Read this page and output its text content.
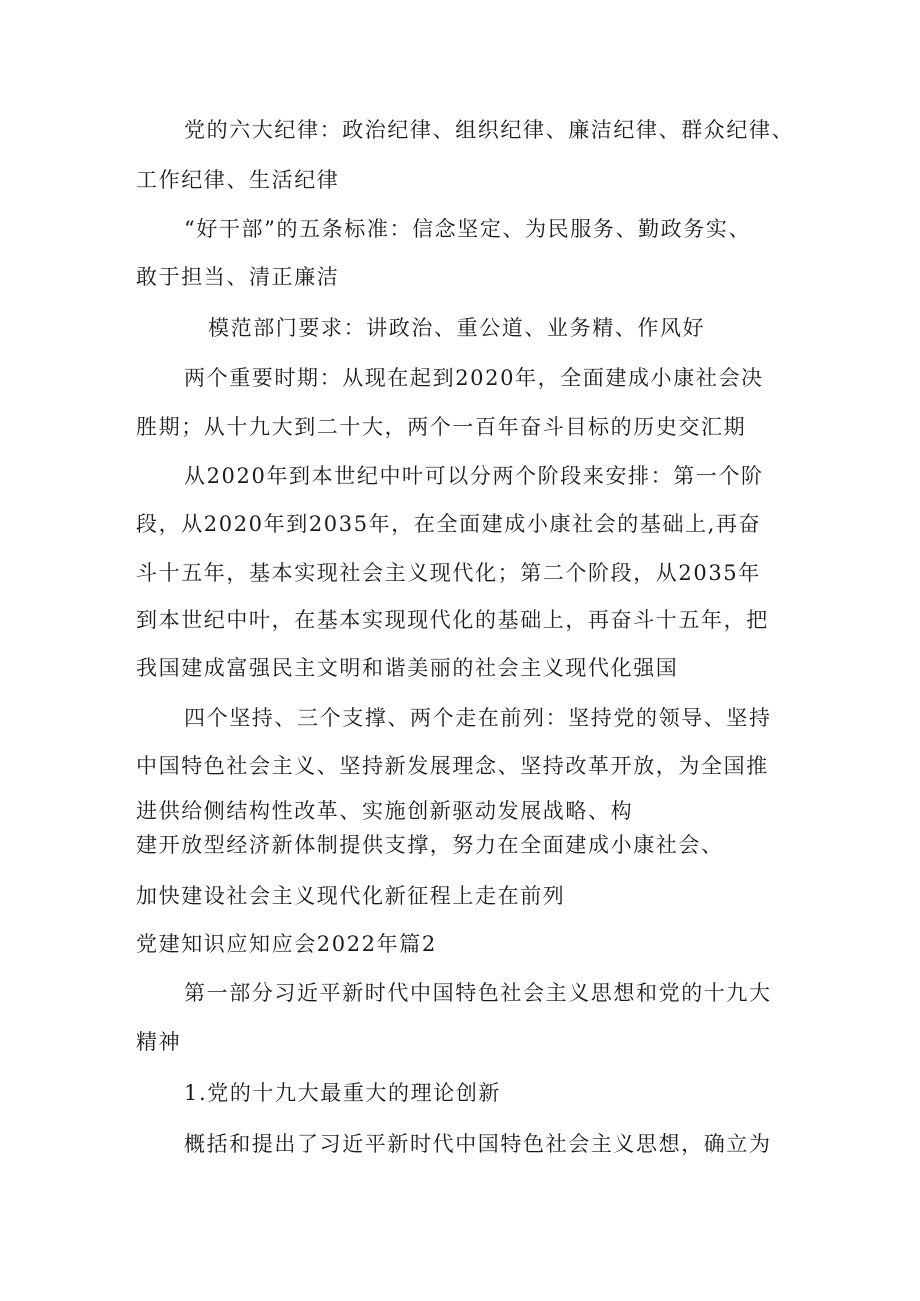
党的六大纪律：政治纪律、组织纪律、廉洁纪律、群众纪律、
工作纪律、生活纪律
“好干部”的五条标准：信念坚定、为民服务、勤政务实、
敢于担当、清正廉洁
模范部门要求：讲政治、重公道、业务精、作风好
两个重要时期：从现在起到2020年，全面建成小康社会决
胜期；从十九大到二十大，两个一百年奋斗目标的历史交汇期
从2020年到本世纪中叶可以分两个阶段来安排：第一个阶
段，从2020年到2035年，在全面建成小康社会的基础上,再奋
斗十五年，基本实现社会主义现代化；第二个阶段，从2035年
到本世纪中叶，在基本实现现代化的基础上，再奋斗十五年，把
我国建成富强民主文明和谐美丽的社会主义现代化强国
四个坚持、三个支撑、两个走在前列：坚持党的领导、坚持
中国特色社会主义、坚持新发展理念、坚持改革开放，为全国推
进供给侧结构性改革、实施创新驱动发展战略、构
建开放型经济新体制提供支撑，努力在全面建成小康社会、
加快建设社会主义现代化新征程上走在前列
党建知识应知应会2022年篇2
第一部分习近平新时代中国特色社会主义思想和党的十九大
精神
1.党的十九大最重大的理论创新
概括和提出了习近平新时代中国特色社会主义思想，确立为
